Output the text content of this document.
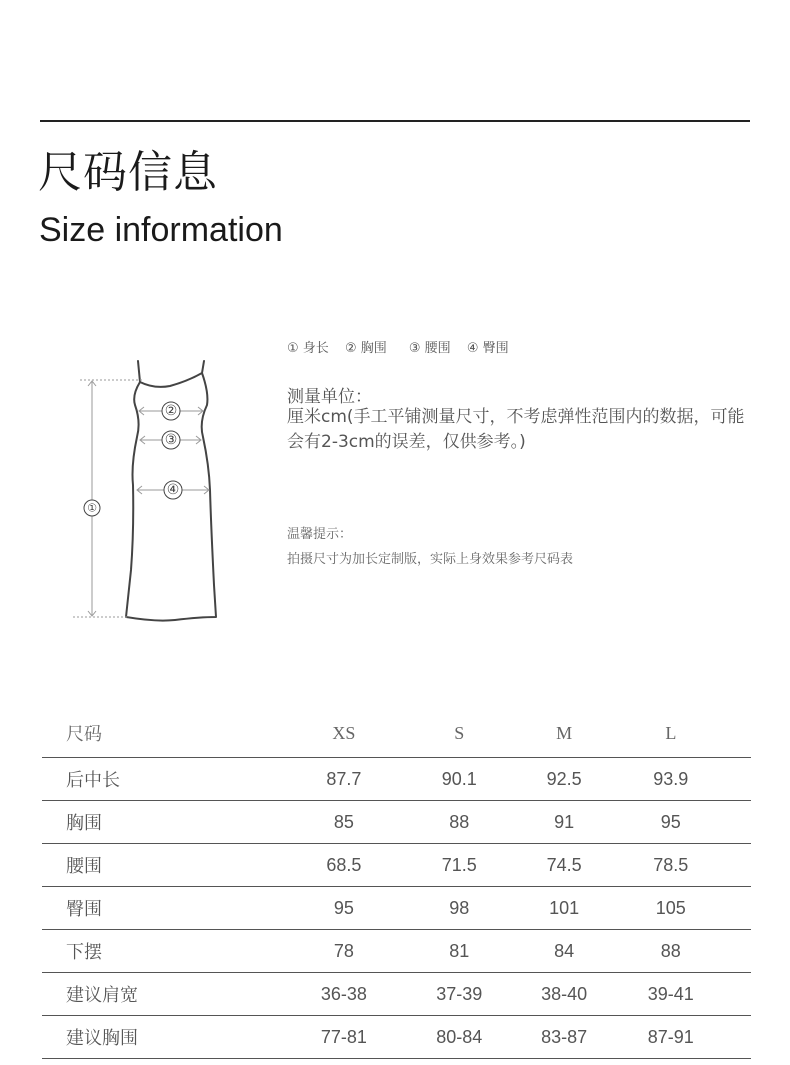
尺码信息
Size information
①
②
③
④
① 身长 ② 胸围 ③ 腰围 ④ 臀围
测量单位：
厘米cm(手工平铺测量尺寸，不考虑弹性范围内的数据，可能会有2-3cm的误差，仅供参考。)
温馨提示：
拍摄尺寸为加长定制版，实际上身效果参考尺码表
尺码	XS	S	M	L	
后中长	87.7	90.1	92.5	93.9	
胸围	85	88	91	95	
腰围	68.5	71.5	74.5	78.5	
臀围	95	98	101	105	
下摆	78	81	84	88	
建议肩宽	36-38	37-39	38-40	39-41	
建议胸围	77-81	80-84	83-87	87-91	
